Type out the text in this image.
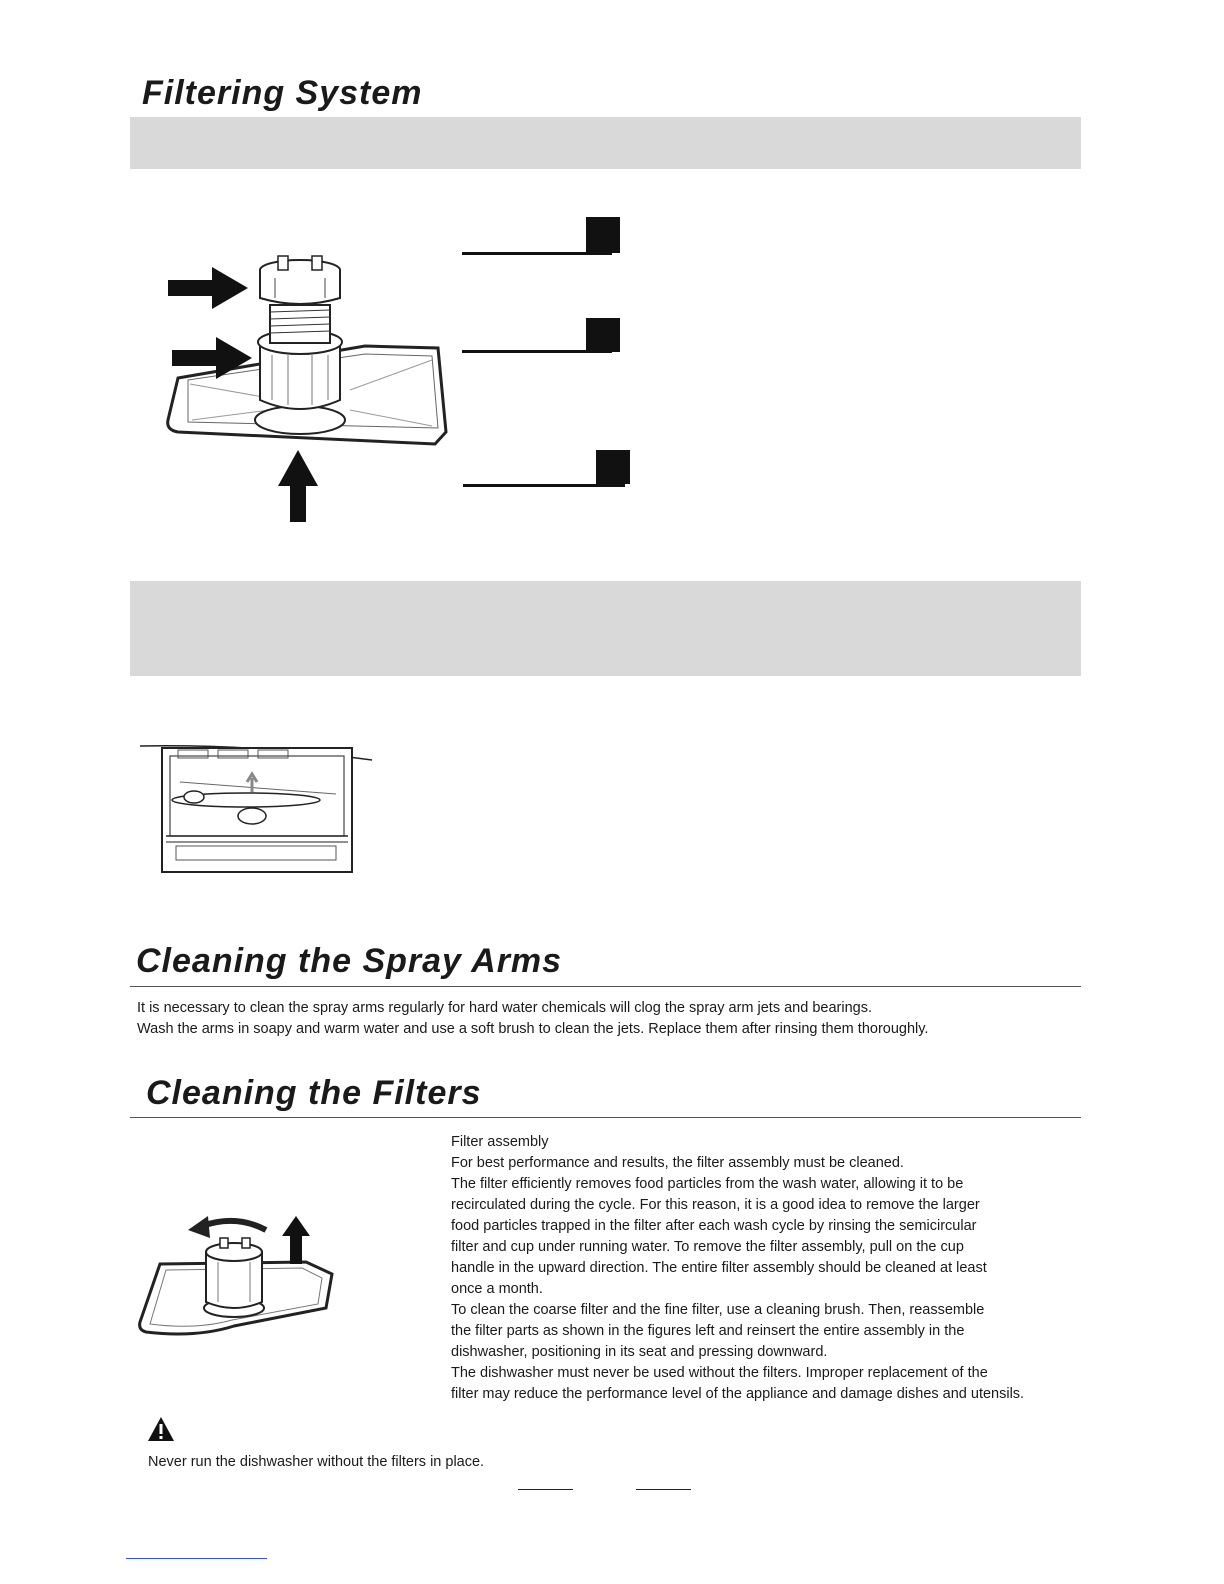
Filtering System
Cleaning the Spray Arms

It is necessary to clean the spray arms regularly for hard water chemicals will clog the spray arm jets and bearings.

Wash the arms in soapy and warm water and use a soft brush to clean the jets. Replace them after rinsing them thoroughly.

Cleaning the Filters

Filter assembly

For best performance and results, the filter assembly must be cleaned.

The filter efficiently removes food particles from the wash water, allowing it to be

recirculated during the cycle. For this reason, it is a good idea to remove the larger

food particles trapped in the filter after each wash cycle by rinsing the semicircular

filter and cup under running water. To remove the filter assembly, pull on the cup

handle in the upward direction. The entire filter assembly should be cleaned at least

once a month.

To clean the coarse filter and the fine filter, use a cleaning brush. Then, reassemble

the filter parts as shown in the figures left and reinsert the entire assembly in the

dishwasher, positioning in its seat and pressing downward.

The dishwasher must never be used without the filters. Improper replacement of the

filter may reduce the performance level of the appliance and damage dishes and utensils.

Never run the dishwasher without the filters in place.
